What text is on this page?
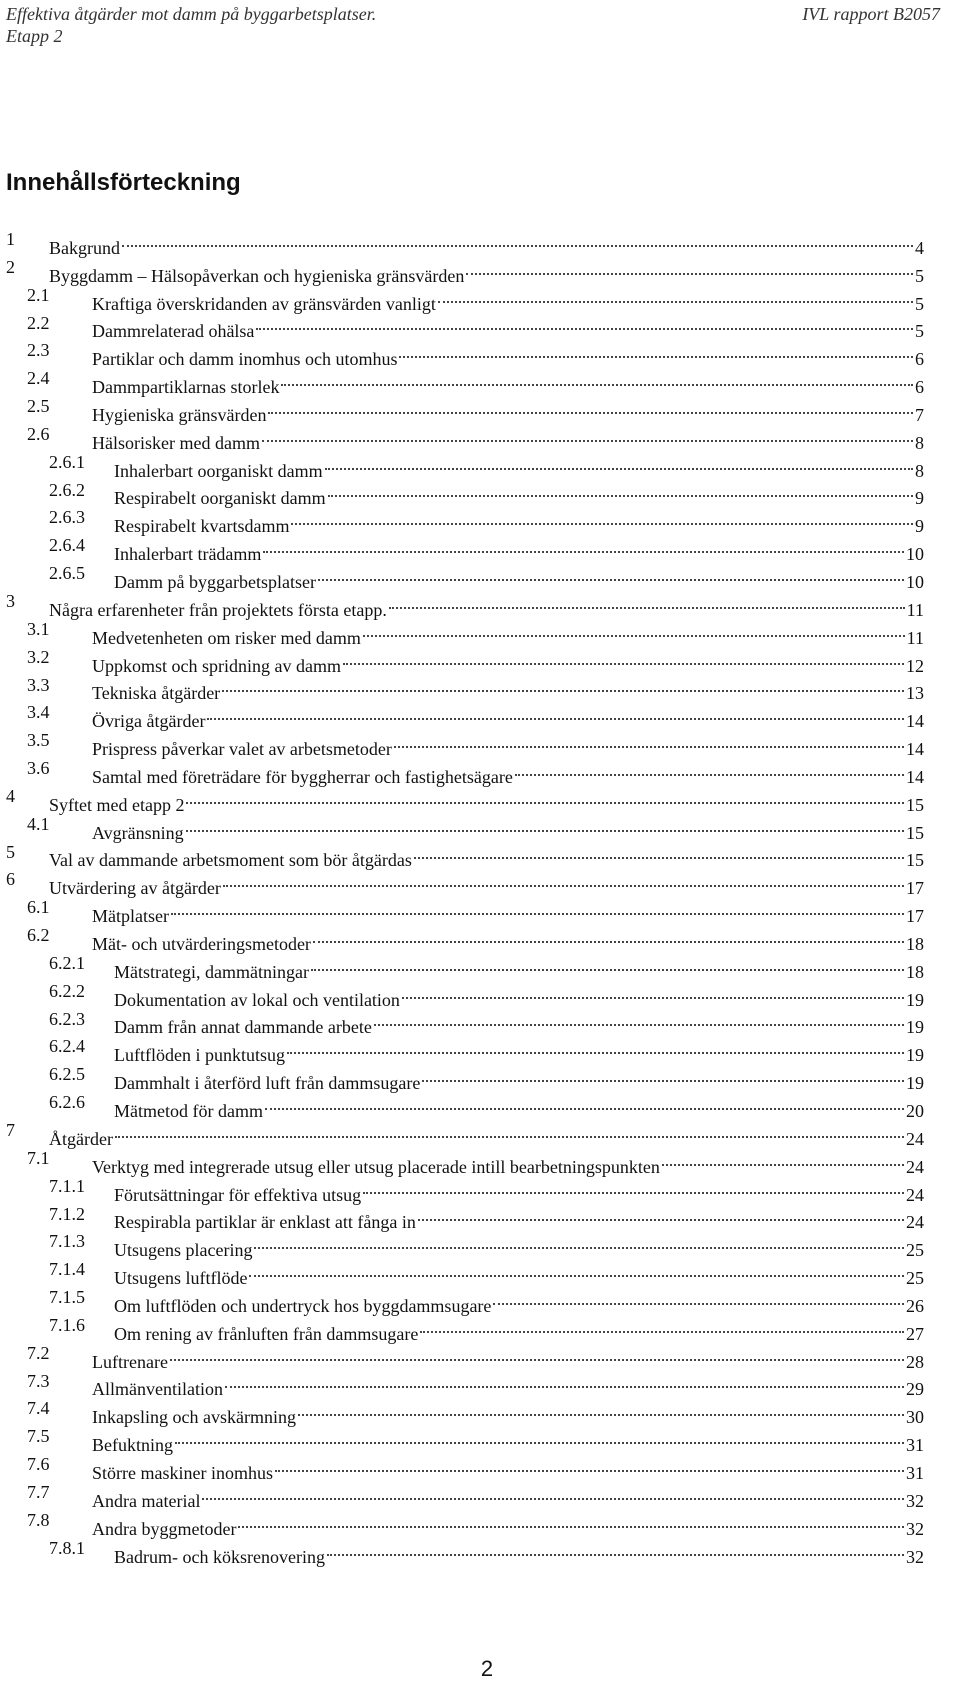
Effektiva åtgärder mot damm på byggarbetsplatser.
Etapp 2
IVL rapport B2057
Innehållsförteckning
1 Bakgrund	4
2 Byggdamm – Hälsopåverkan och hygieniska gränsvärden	5
2.1 Kraftiga överskridanden av gränsvärden vanligt	5
2.2 Dammrelaterad ohälsa	5
2.3 Partiklar och damm inomhus och utomhus	6
2.4 Dammpartiklarnas storlek	6
2.5 Hygieniska gränsvärden	7
2.6 Hälsorisker med damm	8
2.6.1 Inhalerbart oorganiskt damm	8
2.6.2 Respirabelt oorganiskt damm	9
2.6.3 Respirabelt kvartsdamm	9
2.6.4 Inhalerbart trädamm	10
2.6.5 Damm på byggarbetsplatser	10
3 Några erfarenheter från projektets första etapp.	11
3.1 Medvetenheten om risker med damm	11
3.2 Uppkomst och spridning av damm	12
3.3 Tekniska åtgärder	13
3.4 Övriga åtgärder	14
3.5 Prispress påverkar valet av arbetsmetoder	14
3.6 Samtal med företrädare för byggherrar och fastighetsägare	14
4 Syftet med etapp 2	15
4.1 Avgränsning	15
5 Val av dammande arbetsmoment som bör åtgärdas	15
6 Utvärdering av åtgärder	17
6.1 Mätplatser	17
6.2 Mät- och utvärderingsmetoder	18
6.2.1 Mätstrategi, dammätningar	18
6.2.2 Dokumentation av lokal och ventilation	19
6.2.3 Damm från annat dammande arbete	19
6.2.4 Luftflöden i punktutsug	19
6.2.5 Dammhalt i återförd luft från dammsugare	19
6.2.6 Mätmetod för damm	20
7 Åtgärder	24
7.1 Verktyg med integrerade utsug eller utsug placerade intill bearbetningspunkten	24
7.1.1 Förutsättningar för effektiva utsug	24
7.1.2 Respirabla partiklar är enklast att fånga in	24
7.1.3 Utsugens placering	25
7.1.4 Utsugens luftflöde	25
7.1.5 Om luftflöden och undertryck hos byggdammsugare	26
7.1.6 Om rening av frånluften från dammsugare	27
7.2 Luftrenare	28
7.3 Allmänventilation	29
7.4 Inkapsling och avskärmning	30
7.5 Befuktning	31
7.6 Större maskiner inomhus	31
7.7 Andra material	32
7.8 Andra byggmetoder	32
7.8.1 Badrum- och köksrenovering	32
2
